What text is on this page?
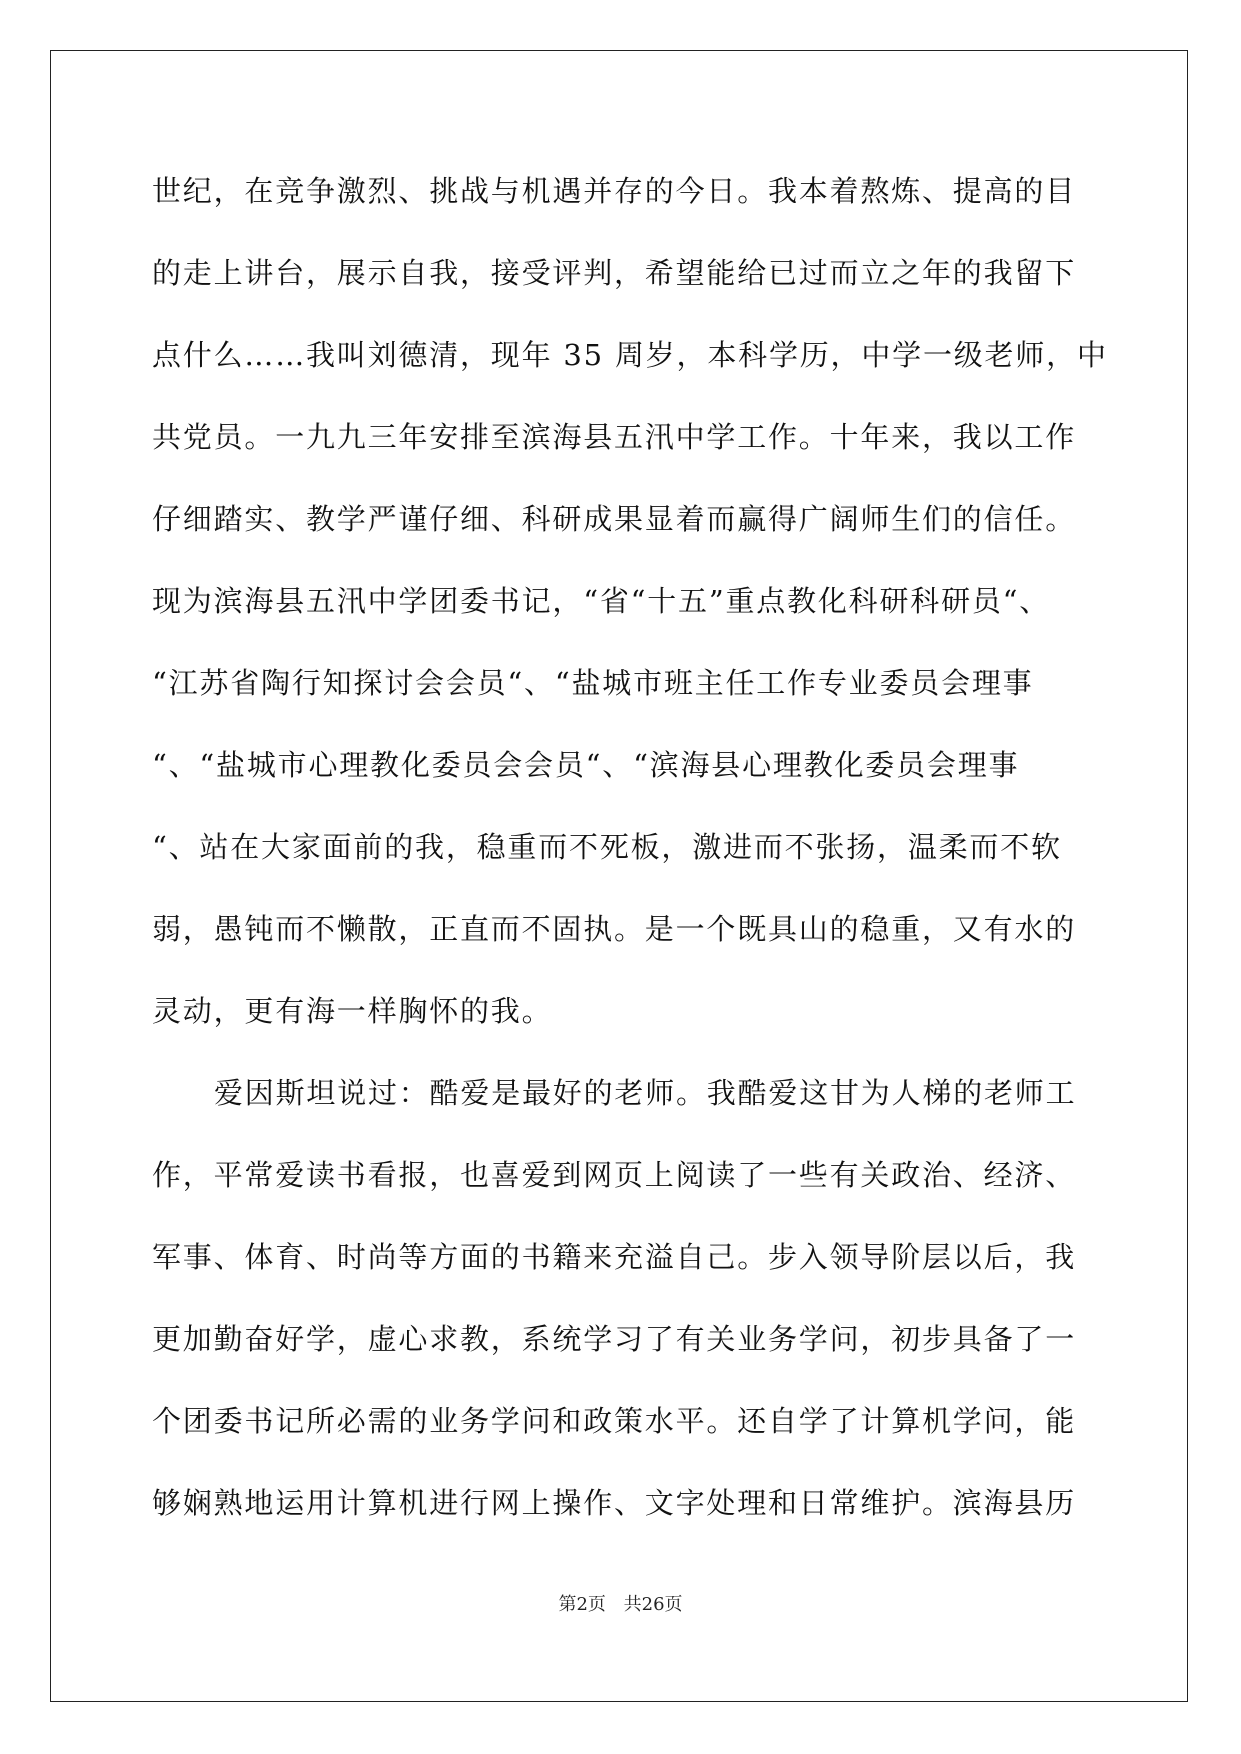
世纪，在竞争激烈、挑战与机遇并存的今日。我本着熬炼、提高的目
的走上讲台，展示自我，接受评判，希望能给已过而立之年的我留下
点什么……我叫刘德清，现年 35 周岁，本科学历，中学一级老师，中
共党员。一九九三年安排至滨海县五汛中学工作。十年来，我以工作
仔细踏实、教学严谨仔细、科研成果显着而赢得广阔师生们的信任。
现为滨海县五汛中学团委书记，“省“十五”重点教化科研科研员“、
“江苏省陶行知探讨会会员“、“盐城市班主任工作专业委员会理事
“、“盐城市心理教化委员会会员“、“滨海县心理教化委员会理事
“、站在大家面前的我，稳重而不死板，激进而不张扬，温柔而不软
弱，愚钝而不懒散，正直而不固执。是一个既具山的稳重，又有水的
灵动，更有海一样胸怀的我。
爱因斯坦说过：酷爱是最好的老师。我酷爱这甘为人梯的老师工
作，平常爱读书看报，也喜爱到网页上阅读了一些有关政治、经济、
军事、体育、时尚等方面的书籍来充溢自己。步入领导阶层以后，我
更加勤奋好学，虚心求教，系统学习了有关业务学问，初步具备了一
个团委书记所必需的业务学问和政策水平。还自学了计算机学问，能
够娴熟地运用计算机进行网上操作、文字处理和日常维护。滨海县历
第2页 共26页
